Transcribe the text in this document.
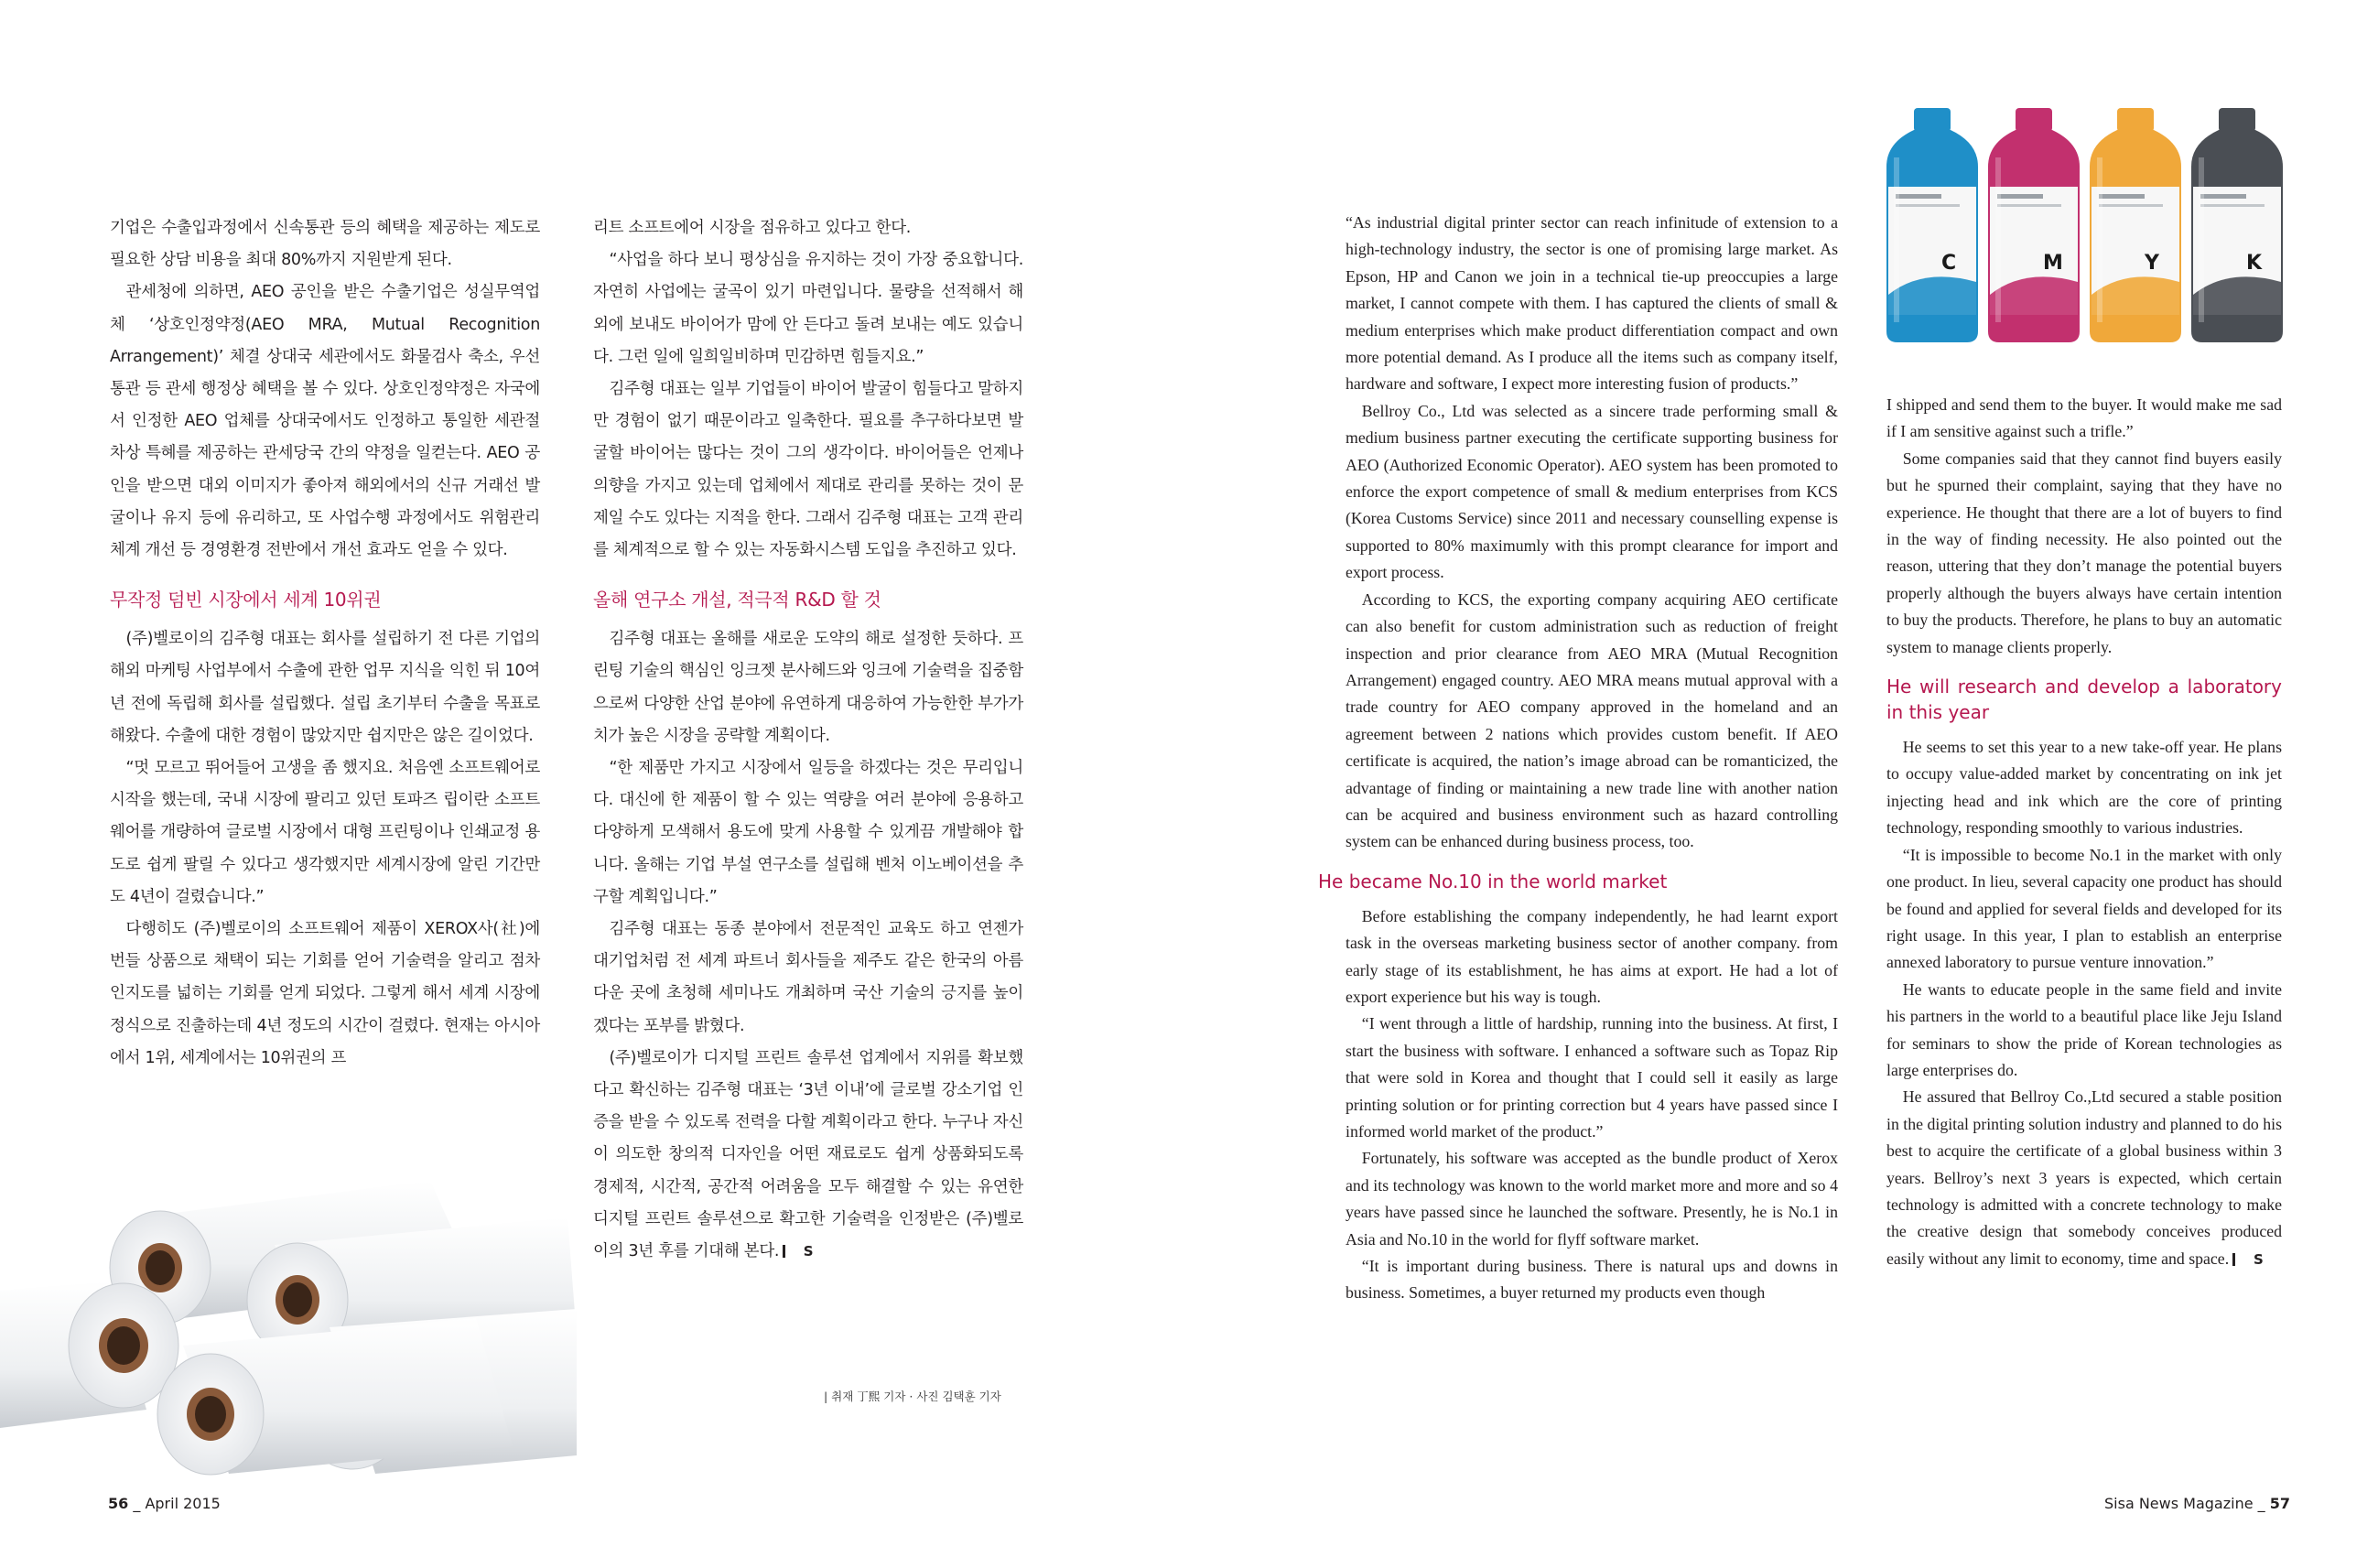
기업은 수출입과정에서 신속통관 등의 혜택을 제공하는 제도로 필요한 상담 비용을 최대 80%까지 지원받게 된다.

관세청에 의하면, AEO 공인을 받은 수출기업은 성실무역업체 ‘상호인정약정(AEO MRA, Mutual Recognition Arrangement)’ 체결 상대국 세관에서도 화물검사 축소, 우선통관 등 관세 행정상 혜택을 볼 수 있다. 상호인정약정은 자국에서 인정한 AEO 업체를 상대국에서도 인정하고 통일한 세관절차상 특혜를 제공하는 관세당국 간의 약정을 일컫는다. AEO 공인을 받으면 대외 이미지가 좋아져 해외에서의 신규 거래선 발굴이나 유지 등에 유리하고, 또 사업수행 과정에서도 위험관리체계 개선 등 경영환경 전반에서 개선 효과도 얻을 수 있다.

무작정 덤빈 시장에서 세계 10위권

(주)벨로이의 김주형 대표는 회사를 설립하기 전 다른 기업의 해외 마케팅 사업부에서 수출에 관한 업무 지식을 익힌 뒤 10여 년 전에 독립해 회사를 설립했다. 설립 초기부터 수출을 목표로 해왔다. 수출에 대한 경험이 많았지만 쉽지만은 않은 길이었다.

“멋 모르고 뛰어들어 고생을 좀 했지요. 처음엔 소프트웨어로 시작을 했는데, 국내 시장에 팔리고 있던 토파즈 립이란 소프트웨어를 개량하여 글로벌 시장에서 대형 프린팅이나 인쇄교정 용도로 쉽게 팔릴 수 있다고 생각했지만 세계시장에 알린 기간만도 4년이 걸렸습니다.”

다행히도 (주)벨로이의 소프트웨어 제품이 XEROX사(社)에 번들 상품으로 채택이 되는 기회를 얻어 기술력을 알리고 점차 인지도를 넓히는 기회를 얻게 되었다. 그렇게 해서 세계 시장에 정식으로 진출하는데 4년 정도의 시간이 걸렸다. 현재는 아시아에서 1위, 세계에서는 10위권의 프

리트 소프트에어 시장을 점유하고 있다고 한다.

“사업을 하다 보니 평상심을 유지하는 것이 가장 중요합니다. 자연히 사업에는 굴곡이 있기 마련입니다. 물량을 선적해서 해외에 보내도 바이어가 맘에 안 든다고 돌려 보내는 예도 있습니다. 그런 일에 일희일비하며 민감하면 힘들지요.”

김주형 대표는 일부 기업들이 바이어 발굴이 힘들다고 말하지만 경험이 없기 때문이라고 일축한다. 필요를 추구하다보면 발굴할 바이어는 많다는 것이 그의 생각이다. 바이어들은 언제나 의향을 가지고 있는데 업체에서 제대로 관리를 못하는 것이 문제일 수도 있다는 지적을 한다. 그래서 김주형 대표는 고객 관리를 체계적으로 할 수 있는 자동화시스템 도입을 추진하고 있다.

올해 연구소 개설, 적극적 R&D 할 것

김주형 대표는 올해를 새로운 도약의 해로 설정한 듯하다. 프린팅 기술의 핵심인 잉크젯 분사헤드와 잉크에 기술력을 집중함으로써 다양한 산업 분야에 유연하게 대응하여 가능한한 부가가치가 높은 시장을 공략할 계획이다.

“한 제품만 가지고 시장에서 일등을 하겠다는 것은 무리입니다. 대신에 한 제품이 할 수 있는 역량을 여러 분야에 응용하고 다양하게 모색해서 용도에 맞게 사용할 수 있게끔 개발해야 합니다. 올해는 기업 부설 연구소를 설립해 벤처 이노베이션을 추구할 계획입니다.”

김주형 대표는 동종 분야에서 전문적인 교육도 하고 연젠가 대기업처럼 전 세계 파트너 회사들을 제주도 같은 한국의 아름다운 곳에 초청해 세미나도 개최하며 국산 기술의 긍지를 높이겠다는 포부를 밝혔다.

(주)벨로이가 디지털 프린트 솔루션 업계에서 지위를 확보했다고 확신하는 김주형 대표는 ‘3년 이내’에 글로벌 강소기업 인증을 받을 수 있도록 전력을 다할 계획이라고 한다. 누구나 자신이 의도한 창의적 디자인을 어떤 재료로도 쉽게 상품화되도록 경제적, 시간적, 공간적 어려움을 모두 해결할 수 있는 유연한 디지털 프린트 솔루션으로 확고한 기술력을 인정받은 (주)벨로이의 3년 후를 기대해 본다. S

| 취재 丁熙 기자 · 사진 김택훈 기자
56 _ April 2015

“As industrial digital printer sector can reach infinitude of extension to a high-technology industry, the sector is one of promising large market. As Epson, HP and Canon we join in a technical tie-up preoccupies a large market, I cannot compete with them. I has captured the clients of small & medium enterprises which make product differentiation compact and own more potential demand. As I produce all the items such as company itself, hardware and software, I expect more interesting fusion of products.”

Bellroy Co., Ltd was selected as a sincere trade performing small & medium business partner executing the certificate supporting business for AEO (Authorized Economic Operator). AEO system has been promoted to enforce the export competence of small & medium enterprises from KCS (Korea Customs Service) since 2011 and necessary counselling expense is supported to 80% maximumly with this prompt clearance for import and export process.

According to KCS, the exporting company acquiring AEO certificate can also benefit for custom administration such as reduction of freight inspection and prior clearance from AEO MRA (Mutual Recognition Arrangement) engaged country. AEO MRA means mutual approval with a trade country for AEO company approved in the homeland and an agreement between 2 nations which provides custom benefit. If AEO certificate is acquired, the nation’s image abroad can be romanticized, the advantage of finding or maintaining a new trade line with another nation can be acquired and business environment such as hazard controlling system can be enhanced during business process, too.

He became No.10 in the world market

Before establishing the company independently, he had learnt export task in the overseas marketing business sector of another company. from early stage of its establishment, he has aims at export. He had a lot of export experience but his way is tough.

“I went through a little of hardship, running into the business. At first, I start the business with software. I enhanced a software such as Topaz Rip that were sold in Korea and thought that I could sell it easily as large printing solution or for printing correction but 4 years have passed since I informed world market of the product.”

Fortunately, his software was accepted as the bundle product of Xerox and its technology was known to the world market more and more and so 4 years have passed since he launched the software. Presently, he is No.1 in Asia and No.10 in the world for flyff software market.

“It is important during business. There is natural ups and downs in business. Sometimes, a buyer returned my products even though

C	M	Y	K

I shipped and send them to the buyer. It would make me sad if I am sensitive against such a trifle.”

Some companies said that they cannot find buyers easily but he spurned their complaint, saying that they have no experience. He thought that there are a lot of buyers to find in the way of finding necessity. He also pointed out the reason, uttering that they don’t manage the potential buyers properly although the buyers always have certain intention to buy the products. Therefore, he plans to buy an automatic system to manage clients properly.

He will research and develop a laboratory in this year

He seems to set this year to a new take-off year. He plans to occupy value-added market by concentrating on ink jet injecting head and ink which are the core of printing technology, responding smoothly to various industries.

“It is impossible to become No.1 in the market with only one product. In lieu, several capacity one product has should be found and applied for several fields and developed for its right usage. In this year, I plan to establish an enterprise annexed laboratory to pursue venture innovation.”

He wants to educate people in the same field and invite his partners in the world to a beautiful place like Jeju Island for seminars to show the pride of Korean technologies as large enterprises do.

He assured that Bellroy Co.,Ltd secured a stable position in the digital printing solution industry and planned to do his best to acquire the certificate of a global business within 3 years. Bellroy’s next 3 years is expected, which certain technology is admitted with a concrete technology to make the creative design that somebody conceives produced easily without any limit to economy, time and space. S

Sisa News Magazine _ 57
